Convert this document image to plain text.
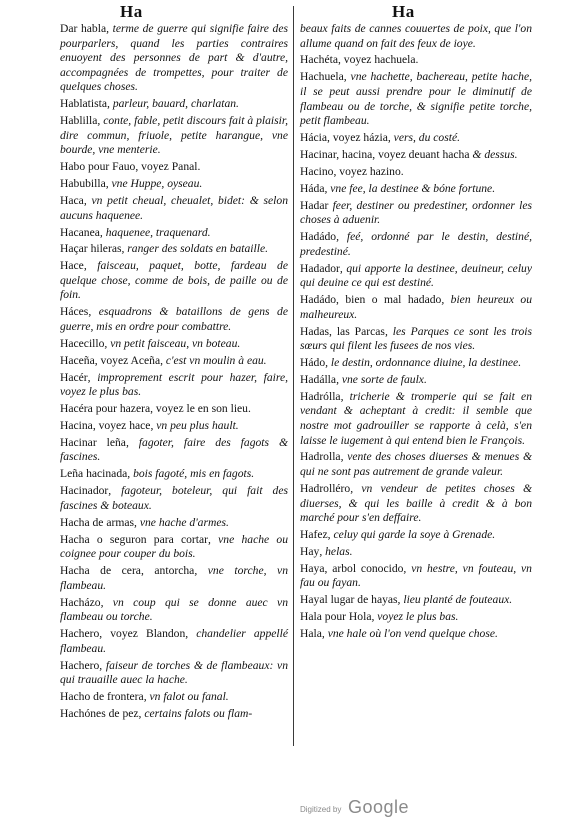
Ha	Ha

Dar habla, terme de guerre qui signifie faire des pourparlers, quand les parties contraires enuoyent des personnes de part & d'autre, accompagnées de trompettes, pour traiter de quelques choses.

Hablatista, parleur, bauard, charlatan.

Hablilla, conte, fable, petit discours fait à plaisir, dire commun, friuole, petite harangue, vne bourde, vne menterie.

Habo pour Fauo, voyez Panal.

Habubilla, vne Huppe, oyseau.

Haca, vn petit cheual, cheualet, bidet: & selon aucuns haquenee.

Hacanea, haquenee, traquenard.

Haçar hileras, ranger des soldats en bataille.

Hace, faisceau, paquet, botte, fardeau de quelque chose, comme de bois, de paille ou de foin.

Háces, esquadrons & bataillons de gens de guerre, mis en ordre pour combattre.

Hacecillo, vn petit faisceau, vn boteau.

Haceña, voyez Aceña, c'est vn moulin à eau.

Hacér, improprement escrit pour hazer, faire, voyez le plus bas.

Hacéra pour hazera, voyez le en son lieu.

Hacina, voyez hace, vn peu plus hault.

Hacinar leña, fagoter, faire des fagots & fascines.

Leña hacinada, bois fagoté, mis en fagots.

Hacinador, fagoteur, boteleur, qui fait des fascines & boteaux.

Hacha de armas, vne hache d'armes.

Hacha o seguron para cortar, vne hache ou coignee pour couper du bois.

Hacha de cera, antorcha, vne torche, vn flambeau.

Hacházo, vn coup qui se donne auec vn flambeau ou torche.

Hachero, voyez Blandon, chandelier appellé flambeau.

Hachero, faiseur de torches & de flambeaux: vn qui trauaille auec la hache.

Hacho de frontera, vn falot ou fanal.

Hachónes de pez, certains falots ou flam-

beaux faits de cannes couuertes de poix, que l'on allume quand on fait des feux de ioye.

Hachéta, voyez hachuela.

Hachuela, vne hachette, bachereau, petite hache, il se peut aussi prendre pour le diminutif de flambeau ou de torche, & signifie petite torche, petit flambeau.

Hácia, voyez házia, vers, du costé.

Hacinar, hacina, voyez deuant hacha & dessus.

Hacino, voyez hazino.

Háda, vne fee, la destinee & bóne fortune.

Hadar feer, destiner ou predestiner, ordonner les choses à aduenir.

Hadádo, feé, ordonné par le destin, destiné, predestiné.

Hadador, qui apporte la destinee, deuineur, celuy qui deuine ce qui est destiné.

Hadádo, bien o mal hadado, bien heureux ou malheureux.

Hadas, las Parcas, les Parques ce sont les trois sœurs qui filent les fusees de nos vies.

Hádo, le destin, ordonnance diuine, la destinee.

Hadálla, vne sorte de faulx.

Hadrólla, tricherie & tromperie qui se fait en vendant & acheptant à credit: il semble que nostre mot gadrouiller se rapporte à celà, s'en laisse le iugement à qui entend bien le François.

Hadrolla, vente des choses diuerses & menues & qui ne sont pas autrement de grande valeur.

Hadrolléro, vn vendeur de petites choses & diuerses, & qui les baille à credit & à bon marché pour s'en deffaire.

Hafez, celuy qui garde la soye à Grenade.

Hay, helas.

Haya, arbol conocido, vn hestre, vn fouteau, vn fau ou fayan.

Hayal lugar de hayas, lieu planté de fouteaux.

Hala pour Hola, voyez le plus bas.

Hala, vne hale où l'on vend quelque chose.

Digitized by Google
